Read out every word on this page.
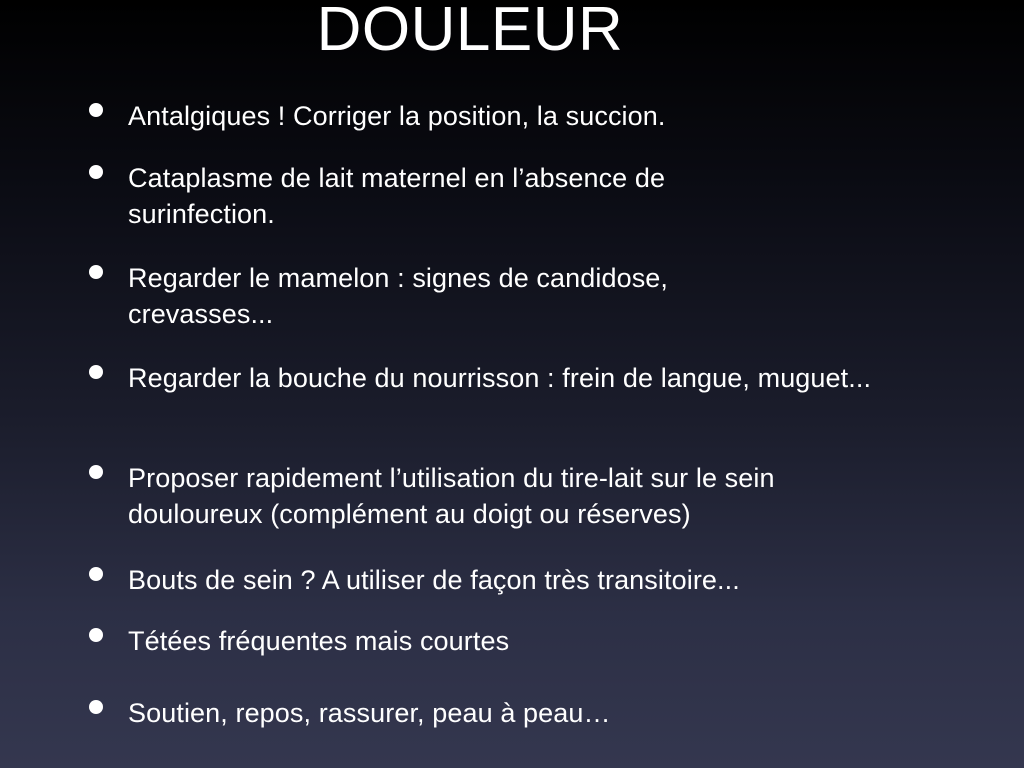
DOULEUR
Antalgiques ! Corriger la position, la succion.
Cataplasme de lait maternel en l’absence de surinfection.
Regarder le mamelon : signes de candidose, crevasses...
Regarder la bouche du nourrisson : frein de langue, muguet...
Proposer rapidement l’utilisation du tire-lait sur le sein douloureux (complément au doigt ou réserves)
Bouts de sein ? A utiliser de façon très transitoire...
Tétées fréquentes mais courtes
Soutien, repos, rassurer, peau à peau…
